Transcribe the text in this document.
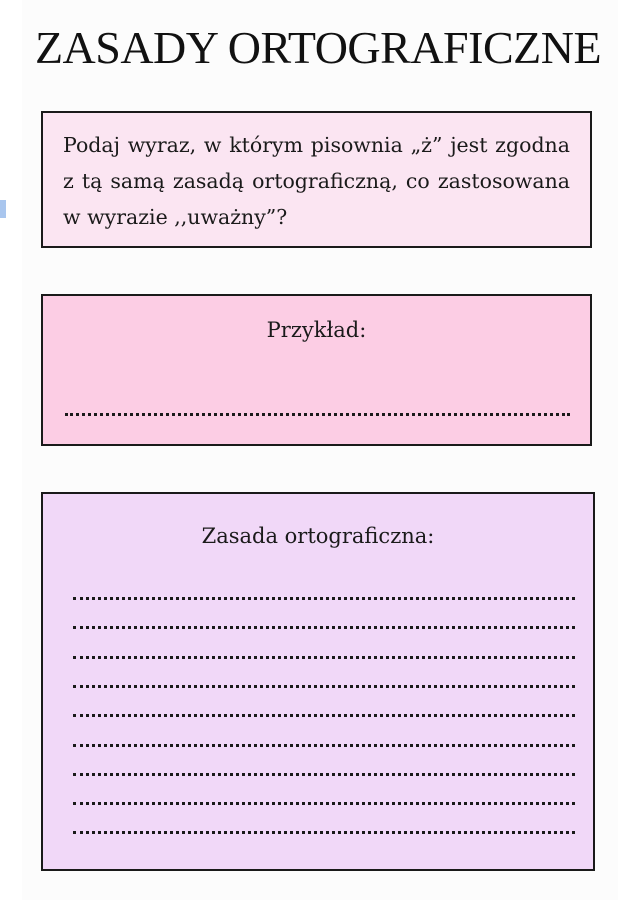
ZASADY ORTOGRAFICZNE
Podaj wyraz, w którym pisownia „ż” jest zgodna z tą samą zasadą ortograficzną, co zastosowana w wyrazie ,,uważny”?
Przykład:
Zasada ortograficzna:
